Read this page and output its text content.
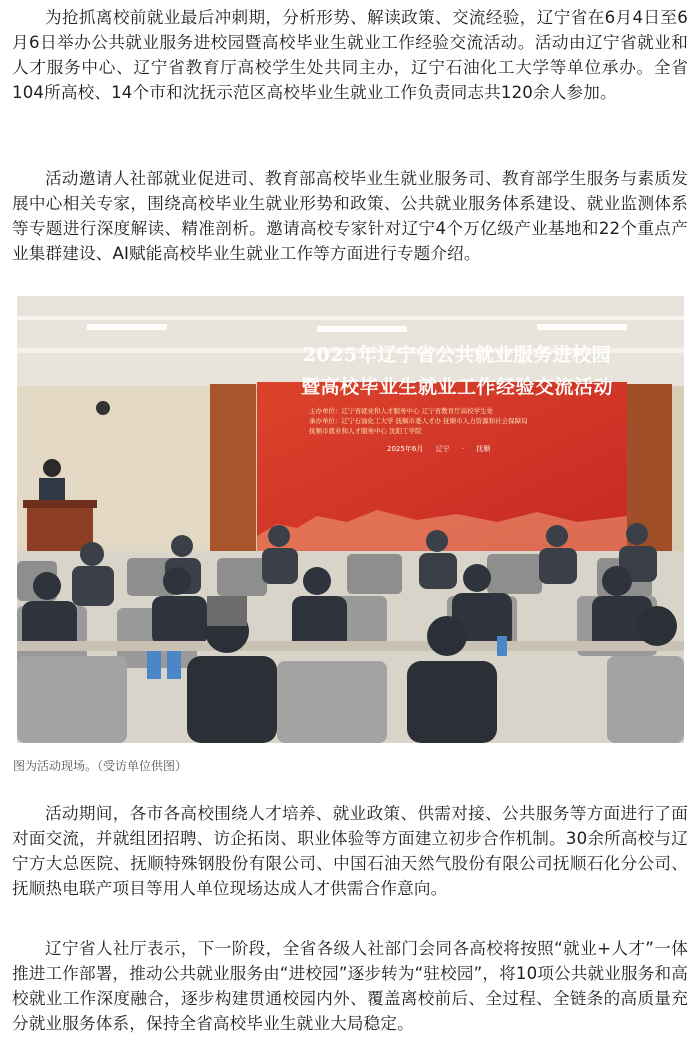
为抢抓离校前就业最后冲刺期，分析形势、解读政策、交流经验，辽宁省在6月4日至6月6日举办公共就业服务进校园暨高校毕业生就业工作经验交流活动。活动由辽宁省就业和人才服务中心、辽宁省教育厅高校学生处共同主办，辽宁石油化工大学等单位承办。全省104所高校、14个市和沈抚示范区高校毕业生就业工作负责同志共120余人参加。

活动邀请人社部就业促进司、教育部高校毕业生就业服务司、教育部学生服务与素质发展中心相关专家，围绕高校毕业生就业形势和政策、公共就业服务体系建设、就业监测体系等专题进行深度解读、精准剖析。邀请高校专家针对辽宁4个万亿级产业基地和22个重点产业集群建设、AI赋能高校毕业生就业工作等方面进行专题介绍。

2025年辽宁省公共就业服务进校园
暨高校毕业生就业工作经验交流活动
主办单位：辽宁省就业和人才服务中心 辽宁省教育厅高校学生处
承办单位：辽宁石油化工大学 抚顺市委人才办 抚顺市人力资源和社会保障局
抚顺市就业和人才服务中心 沈阳工学院
2025年6月 辽宁 · 抚顺

图为活动现场。（受访单位供图）

活动期间，各市各高校围绕人才培养、就业政策、供需对接、公共服务等方面进行了面对面交流，并就组团招聘、访企拓岗、职业体验等方面建立初步合作机制。30余所高校与辽宁方大总医院、抚顺特殊钢股份有限公司、中国石油天然气股份有限公司抚顺石化分公司、抚顺热电联产项目等用人单位现场达成人才供需合作意向。

辽宁省人社厅表示，下一阶段，全省各级人社部门会同各高校将按照“就业+人才”一体推进工作部署，推动公共就业服务由“进校园”逐步转为“驻校园”，将10项公共就业服务和高校就业工作深度融合，逐步构建贯通校园内外、覆盖离校前后、全过程、全链条的高质量充分就业服务体系，保持全省高校毕业生就业大局稳定。
